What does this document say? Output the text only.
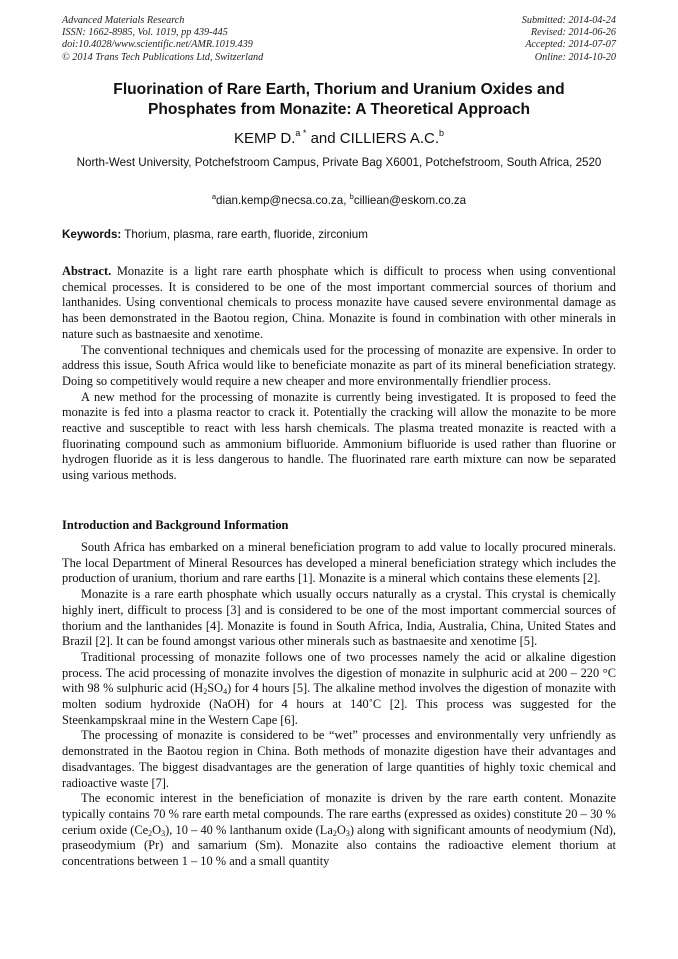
Advanced Materials Research
ISSN: 1662-8985, Vol. 1019, pp 439-445
doi:10.4028/www.scientific.net/AMR.1019.439
© 2014 Trans Tech Publications Ltd, Switzerland
Submitted: 2014-04-24
Revised: 2014-06-26
Accepted: 2014-07-07
Online: 2014-10-20
Fluorination of Rare Earth, Thorium and Uranium Oxides and
Phosphates from Monazite: A Theoretical Approach
KEMP D.$^{a *}$ and CILLIERS A.C.$^b$
North-West University, Potchefstroom Campus, Private Bag X6001, Potchefstroom, South Africa, 2520
$^a$dian.kemp@necsa.co.za, $^b$cilliean@eskom.co.za
Keywords: Thorium, plasma, rare earth, fluoride, zirconium

Abstract. Monazite is a light rare earth phosphate which is difficult to process when using conventional chemical processes. It is considered to be one of the most important commercial sources of thorium and lanthanides. Using conventional chemicals to process monazite have caused severe environmental damage as has been demonstrated in the Baotou region, China. Monazite is found in combination with other minerals in nature such as bastnaesite and xenotime.

The conventional techniques and chemicals used for the processing of monazite are expensive. In order to address this issue, South Africa would like to beneficiate monazite as part of its mineral beneficiation strategy. Doing so competitively would require a new cheaper and more environmentally friendlier process.

A new method for the processing of monazite is currently being investigated. It is proposed to feed the monazite is fed into a plasma reactor to crack it. Potentially the cracking will allow the monazite to be more reactive and susceptible to react with less harsh chemicals. The plasma treated monazite is reacted with a fluorinating compound such as ammonium bifluoride. Ammonium bifluoride is used rather than fluorine or hydrogen fluoride as it is less dangerous to handle. The fluorinated rare earth mixture can now be separated using various methods.

Introduction and Background Information

South Africa has embarked on a mineral beneficiation program to add value to locally procured minerals. The local Department of Mineral Resources has developed a mineral beneficiation strategy which includes the production of uranium, thorium and rare earths [1]. Monazite is a mineral which contains these elements [2].

Monazite is a rare earth phosphate which usually occurs naturally as a crystal. This crystal is chemically highly inert, difficult to process [3] and is considered to be one of the most important commercial sources of thorium and the lanthanides [4]. Monazite is found in South Africa, India, Australia, China, United States and Brazil [2]. It can be found amongst various other minerals such as bastnaesite and xenotime [5].

Traditional processing of monazite follows one of two processes namely the acid or alkaline digestion process. The acid processing of monazite involves the digestion of monazite in sulphuric acid at 200 – 220 °C with 98 % sulphuric acid $(H_2SO_4)$ for 4 hours [5]. The alkaline method involves the digestion of monazite with molten sodium hydroxide (NaOH) for 4 hours at 140˚C [2]. This process was suggested for the Steenkampskraal mine in the Western Cape [6].

The processing of monazite is considered to be “wet” processes and environmentally very unfriendly as demonstrated in the Baotou region in China. Both methods of monazite digestion have their advantages and disadvantages. The biggest disadvantages are the generation of large quantities of highly toxic chemical and radioactive waste [7].

The economic interest in the beneficiation of monazite is driven by the rare earth content. Monazite typically contains 70 % rare earth metal compounds. The rare earths (expressed as oxides) constitute 20 – 30 % cerium oxide $(Ce_2O_3)$, 10 – 40 % lanthanum oxide $(La_2O_3)$ along with significant amounts of neodymium (Nd), praseodymium (Pr) and samarium (Sm). Monazite also contains the radioactive element thorium at concentrations between 1 – 10 % and a small quantity
